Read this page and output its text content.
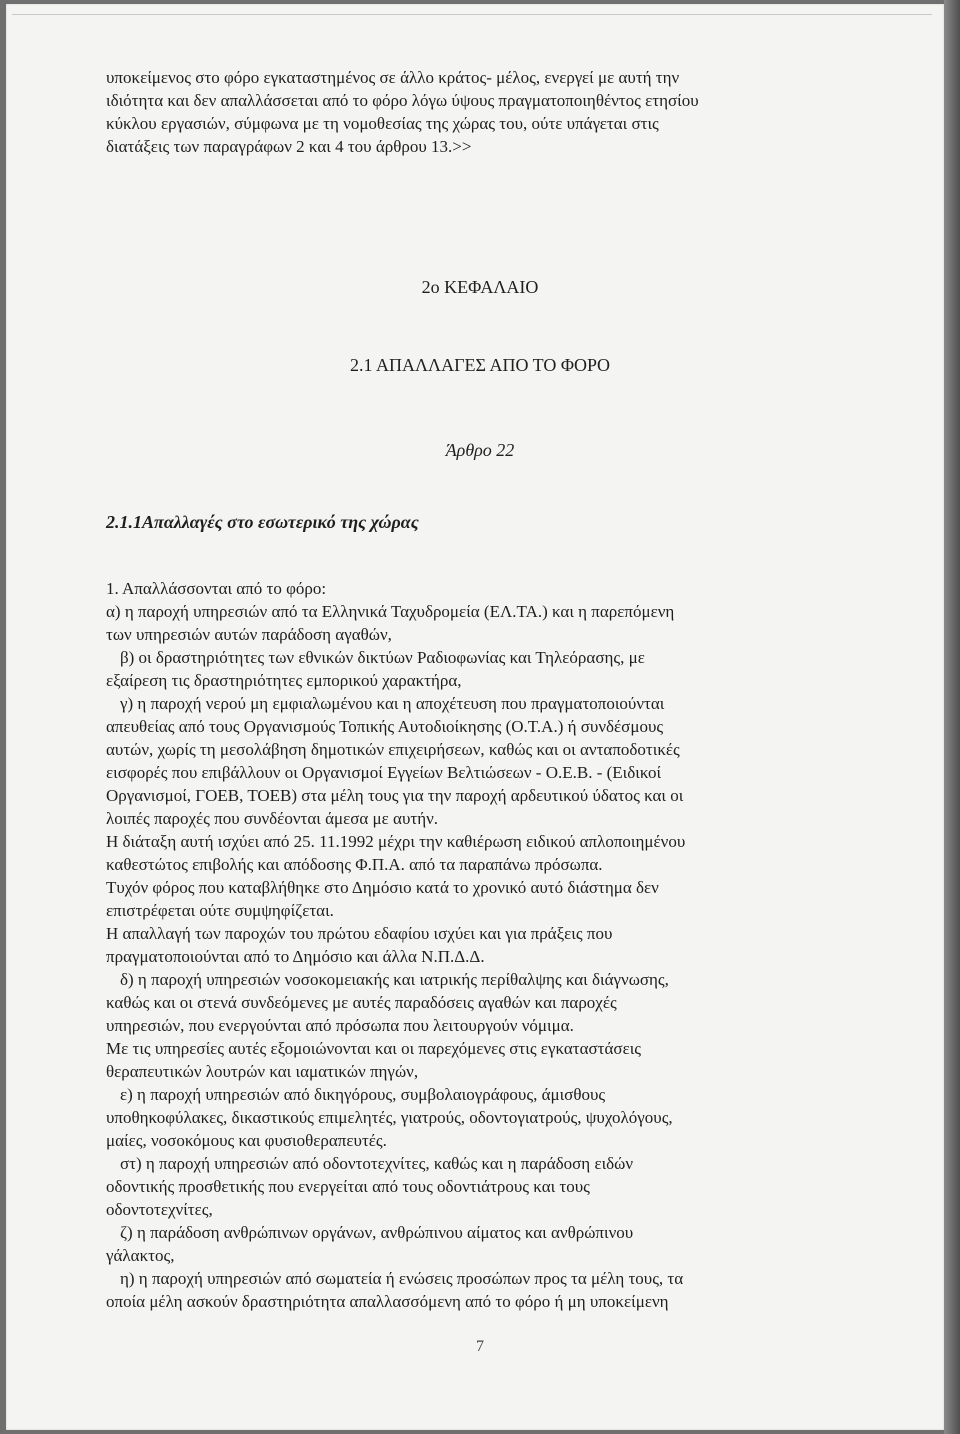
υποκείμενος στο φόρο εγκαταστημένος σε άλλο κράτος- μέλος, ενεργεί με αυτή την
ιδιότητα και δεν απαλλάσσεται από το φόρο λόγω ύψους πραγματοποιηθέντος ετησίου
κύκλου εργασιών, σύμφωνα με τη νομοθεσίας της χώρας του, ούτε υπάγεται στις
διατάξεις των παραγράφων 2 και 4 του άρθρου 13.>>
2ο ΚΕΦΑΛΑΙΟ
2.1 ΑΠΑΛΛΑΓΕΣ ΑΠΟ ΤΟ ΦΟΡΟ
Άρθρο 22
2.1.1Απαλλαγές στο εσωτερικό της χώρας
1. Απαλλάσσονται από το φόρο:
α) η παροχή υπηρεσιών από τα Ελληνικά Ταχυδρομεία (ΕΛ.ΤΑ.) και η παρεπόμενη
των υπηρεσιών αυτών παράδοση αγαθών,
β) οι δραστηριότητες των εθνικών δικτύων Ραδιοφωνίας και Τηλεόρασης, με
εξαίρεση τις δραστηριότητες εμπορικού χαρακτήρα,
γ) η παροχή νερού μη εμφιαλωμένου και η αποχέτευση που πραγματοποιούνται
απευθείας από τους Οργανισμούς Τοπικής Αυτοδιοίκησης (Ο.Τ.Α.) ή συνδέσμους
αυτών, χωρίς τη μεσολάβηση δημοτικών επιχειρήσεων, καθώς και οι ανταποδοτικές
εισφορές που επιβάλλουν οι Οργανισμοί Εγγείων Βελτιώσεων - Ο.Ε.Β. - (Ειδικοί
Οργανισμοί, ΓΟΕΒ, ΤΟΕΒ) στα μέλη τους για την παροχή αρδευτικού ύδατος και οι
λοιπές παροχές που συνδέονται άμεσα με αυτήν.
Η διάταξη αυτή ισχύει από 25. 11.1992 μέχρι την καθιέρωση ειδικού απλοποιημένου
καθεστώτος επιβολής και απόδοσης Φ.Π.Α. από τα παραπάνω πρόσωπα.
Τυχόν φόρος που καταβλήθηκε στο Δημόσιο κατά το χρονικό αυτό διάστημα δεν
επιστρέφεται ούτε συμψηφίζεται.
Η απαλλαγή των παροχών του πρώτου εδαφίου ισχύει και για πράξεις που
πραγματοποιούνται από το Δημόσιο και άλλα Ν.Π.Δ.Δ.
δ) η παροχή υπηρεσιών νοσοκομειακής και ιατρικής περίθαλψης και διάγνωσης,
καθώς και οι στενά συνδεόμενες με αυτές παραδόσεις αγαθών και παροχές
υπηρεσιών, που ενεργούνται από πρόσωπα που λειτουργούν νόμιμα.
Με τις υπηρεσίες αυτές εξομοιώνονται και οι παρεχόμενες στις εγκαταστάσεις
θεραπευτικών λουτρών και ιαματικών πηγών,
ε) η παροχή υπηρεσιών από δικηγόρους, συμβολαιογράφους, άμισθους
υποθηκοφύλακες, δικαστικούς επιμελητές, γιατρούς, οδοντογιατρούς, ψυχολόγους,
μαίες, νοσοκόμους και φυσιοθεραπευτές.
στ) η παροχή υπηρεσιών από οδοντοτεχνίτες, καθώς και η παράδοση ειδών
οδοντικής προσθετικής που ενεργείται από τους οδοντιάτρους και τους
οδοντοτεχνίτες,
ζ) η παράδοση ανθρώπινων οργάνων, ανθρώπινου αίματος και ανθρώπινου
γάλακτος,
η) η παροχή υπηρεσιών από σωματεία ή ενώσεις προσώπων προς τα μέλη τους, τα
οποία μέλη ασκούν δραστηριότητα απαλλασσόμενη από το φόρο ή μη υποκείμενη
7
